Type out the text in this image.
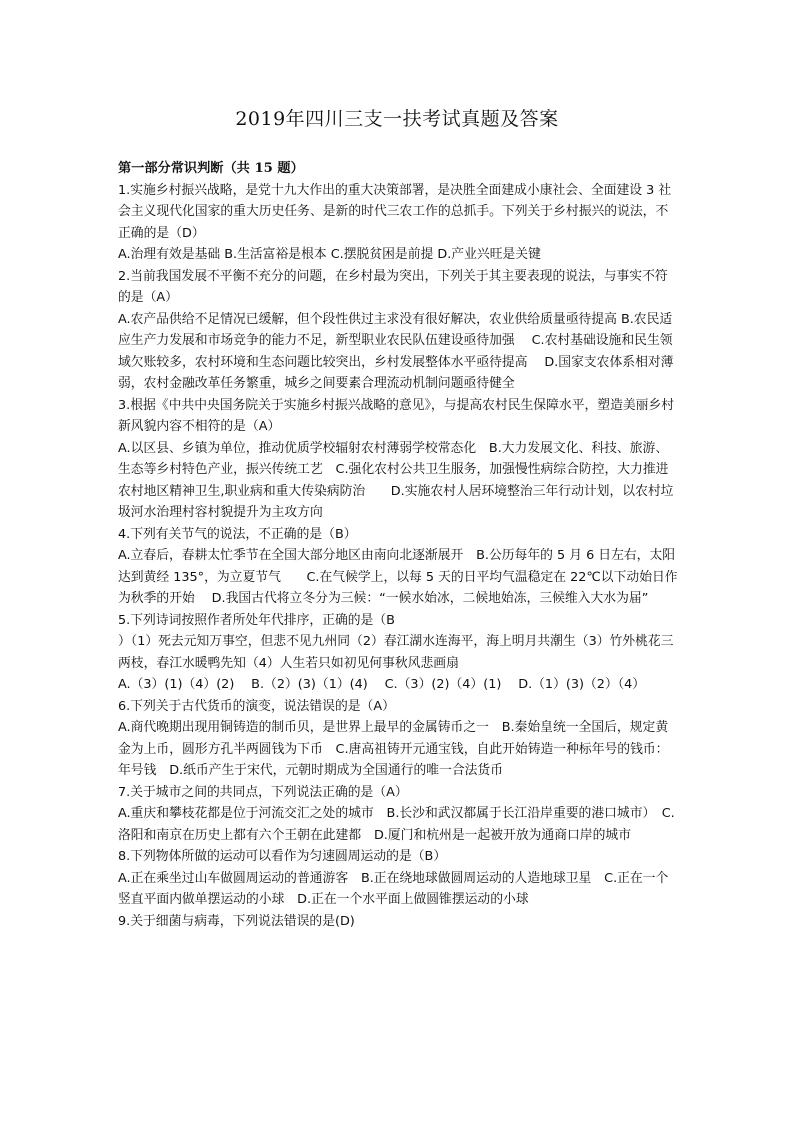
2019年四川三支一扶考试真题及答案

第一部分常识判断（共 15 题）

1.实施乡村振兴战略，是党十九大作出的重大决策部署，是决胜全面建成小康社会、全面建设 3 社会主义现代化国家的重大历史任务、是新的时代三农工作的总抓手。下列关于乡村振兴的说法，不正确的是（D）

A.治理有效是基础 B.生活富裕是根本 C.摆脱贫困是前提 D.产业兴旺是关键

2.当前我国发展不平衡不充分的问题，在乡村最为突出，下列关于其主要表现的说法，与事实不符的是（A）

A.农产品供给不足情况已缓解，但个段性供过主求没有很好解决，农业供给质量亟待提高 B.农民适应生产力发展和市场竞争的能力不足，新型职业农民队伍建设亟待加强　 C.农村基础设施和民生领域欠账较多，农村环境和生态问题比较突出，乡村发展整体水平亟待提高　 D.国家支农体系相对薄弱，农村金融改革任务繁重，城乡之间要素合理流动机制问题亟待健全

3.根据《中共中央国务院关于实施乡村振兴战略的意见》，与提高农村民生保障水平，塑造美丽乡村新风貌内容不相符的是（A）

A.以区县、乡镇为单位，推动优质学校辐射农村薄弱学校常态化　B.大力发展文化、科技、旅游、生态等乡村特色产业，振兴传统工艺　C.强化农村公共卫生服务，加强慢性病综合防控，大力推进农村地区精神卫生,职业病和重大传染病防治　　D.实施农村人居环境整治三年行动计划，以农村垃圾河水治理村容村貌提升为主攻方向

4.下列有关节气的说法，不正确的是（B）

A.立春后，春耕太忙季节在全国大部分地区由南向北逐渐展开　B.公历每年的 5 月 6 日左右，太阳达到黄经 135°，为立夏节气　　C.在气候学上，以每 5 天的日平均气温稳定在 22℃以下动始日作为秋季的开始　 D.我国古代将立冬分为三候：“一候水始冰，二候地始冻，三候维入大水为届”

5.下列诗词按照作者所处年代排序，正确的是（B

）（1）死去元知万事空，但悲不见九州同（2）春江湖水连海平，海上明月共潮生（3）竹外桃花三两枝，春江水暖鸭先知（4）人生若只如初见何事秋风悲画扇

A.（3）(1)（4）(2)　 B.（2）(3)（1）(4)　 C.（3）(2)（4）(1)　 D.（1）(3)（2）（4）

6.下列关于古代货币的演变，说法错误的是（A）

A.商代晚期出现用铜铸造的制币贝，是世界上最早的金属铸币之一　B.秦始皇统一全国后，规定黄金为上币，圆形方孔半两圆钱为下币　C.唐高祖铸开元通宝钱，自此开始铸造一种标年号的钱币：年号钱　D.纸币产生于宋代，元朝时期成为全国通行的唯一合法货币

7.关于城市之间的共同点，下列说法正确的是（A）

A.重庆和攀枝花都是位于河流交汇之处的城市　B.长沙和武汉都属于长江沿岸重要的港口城市）　C.洛阳和南京在历史上都有六个王朝在此建都　D.厦门和杭州是一起被开放为通商口岸的城市

8.下列物体所做的运动可以看作为匀速圆周运动的是（B）

A.正在乘坐过山车做圆周运动的普通游客　B.正在绕地球做圆周运动的人造地球卫星　C.正在一个竖直平面内做单摆运动的小球　D.正在一个水平面上做圆锥摆运动的小球

9.关于细菌与病毒，下列说法错误的是(D)
